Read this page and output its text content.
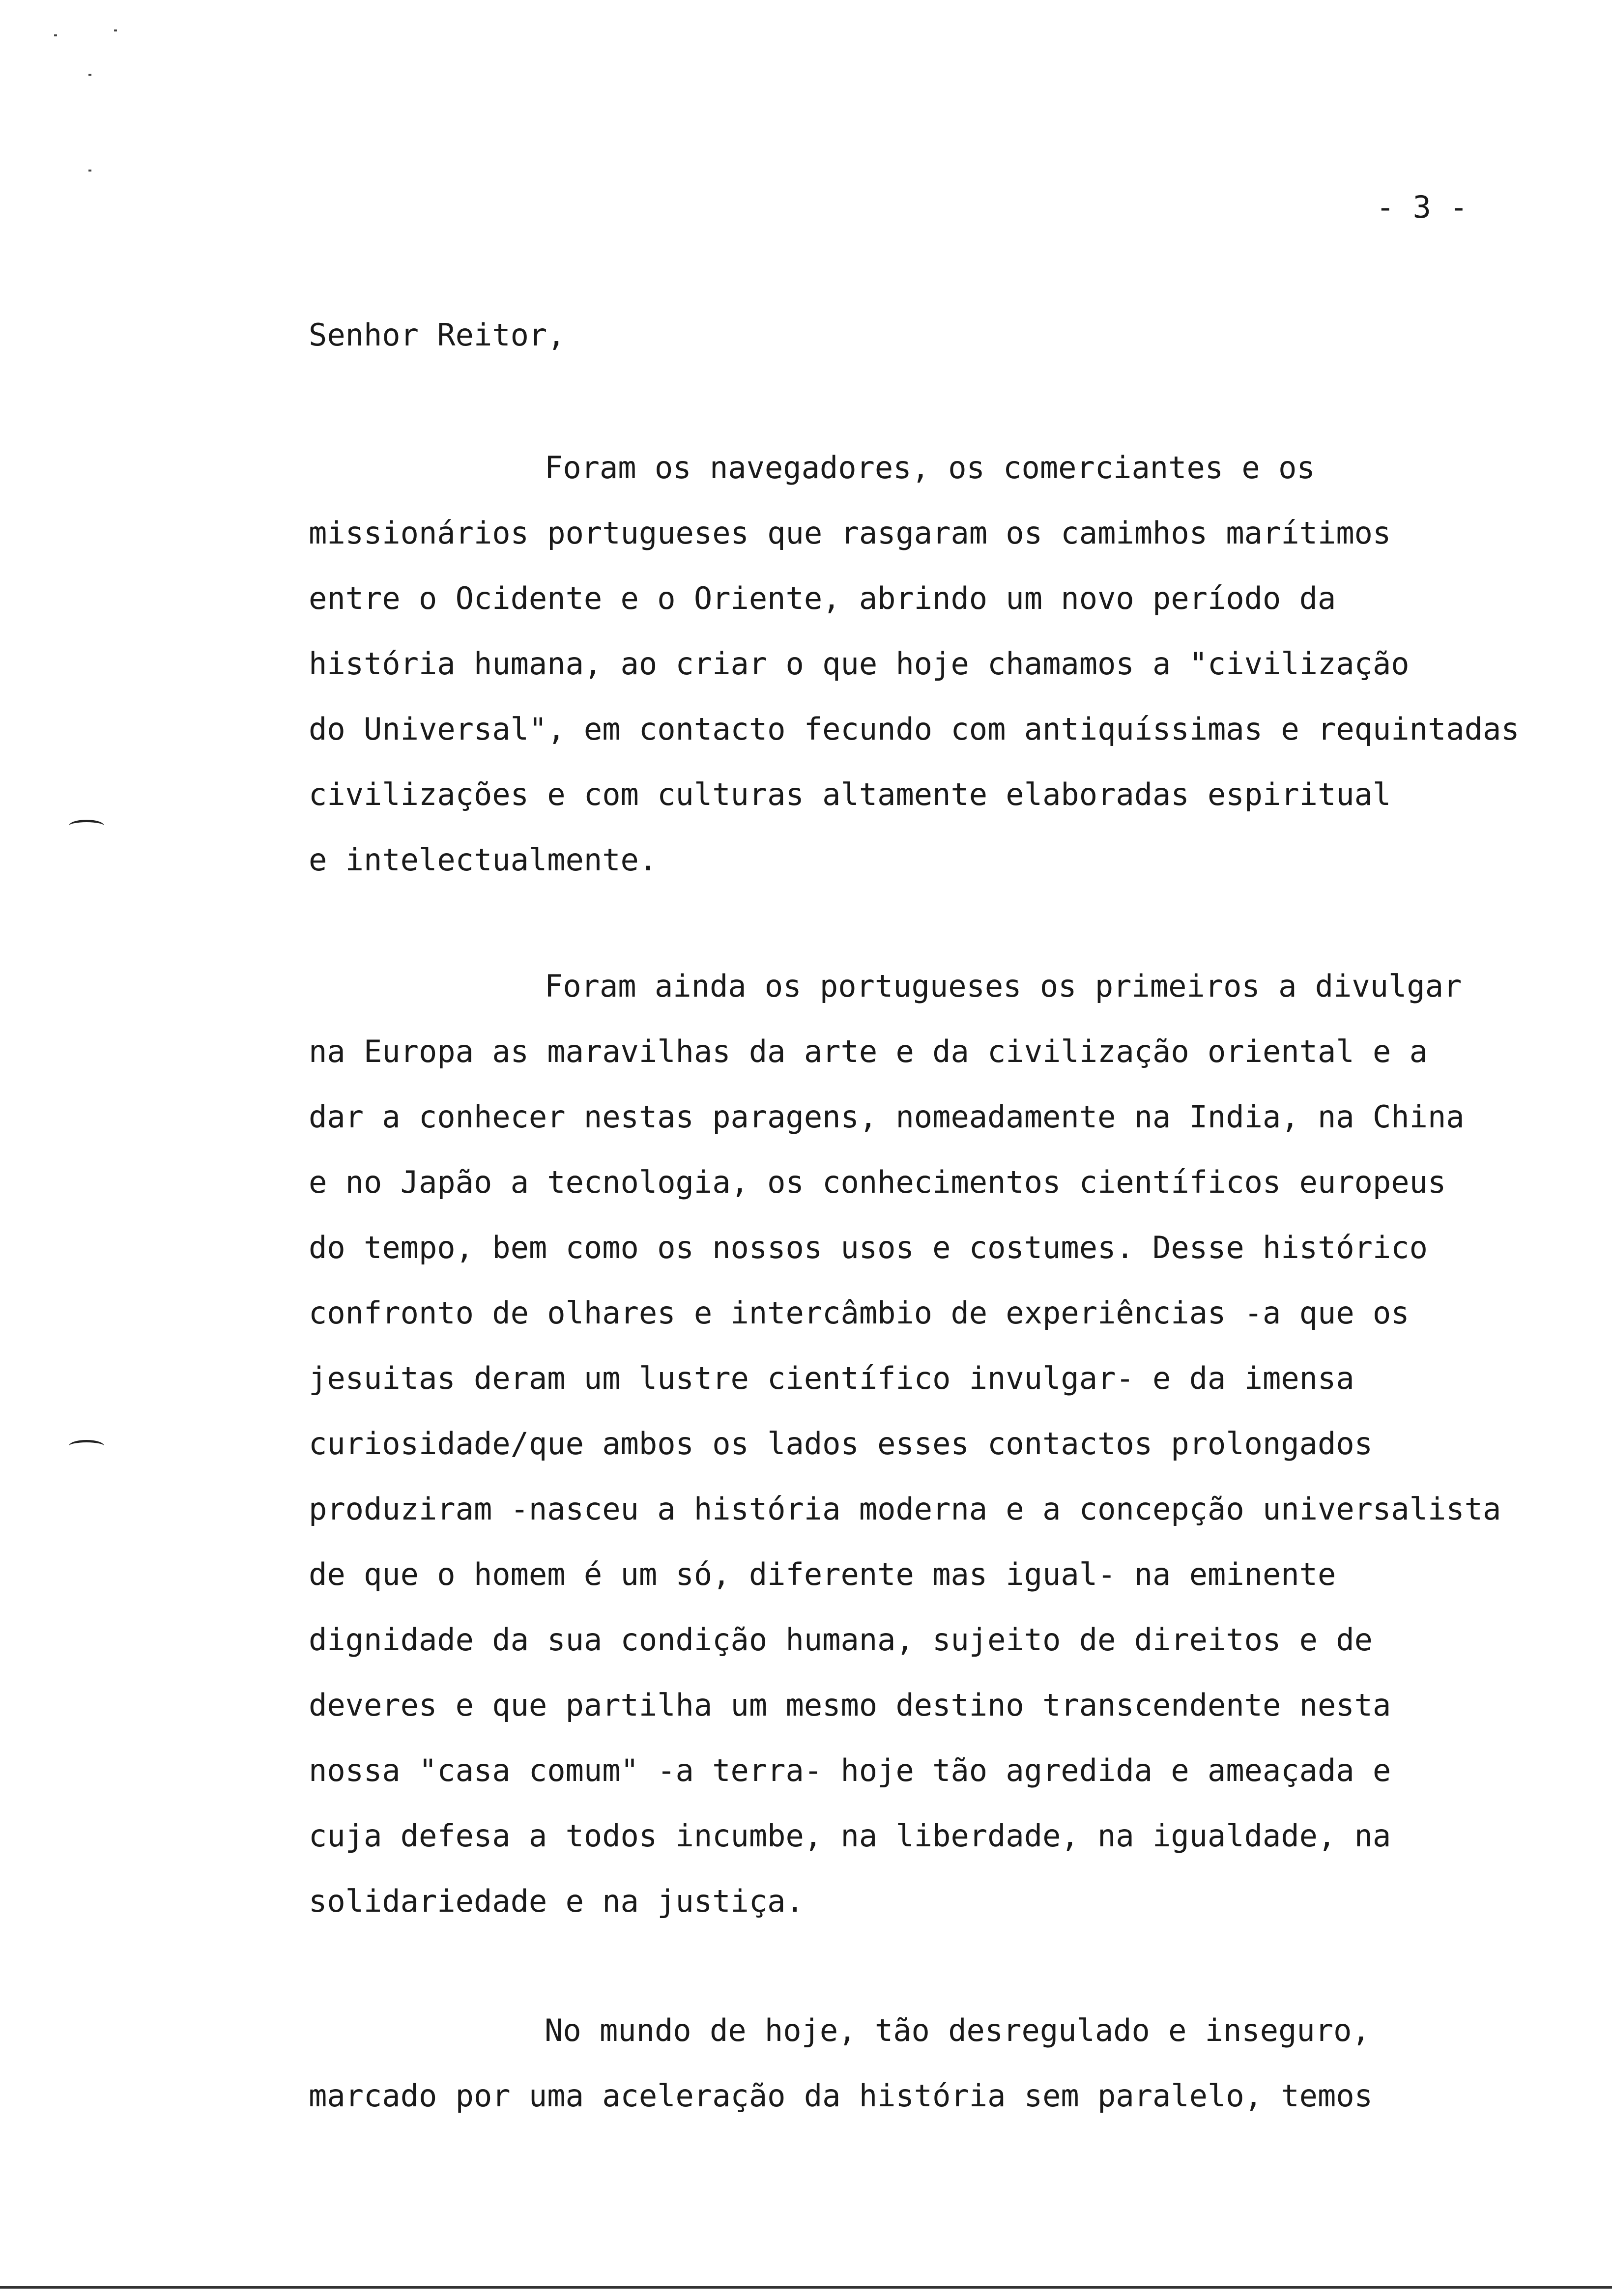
- 3 -
Senhor Reitor,
Foram os navegadores, os comerciantes e os
missionários portugueses que rasgaram os camimhos marítimos
entre o Ocidente e o Oriente, abrindo um novo período da
história humana, ao criar o que hoje chamamos a "civilização
do Universal", em contacto fecundo com antiquíssimas e requintadas
civilizações e com culturas altamente elaboradas espiritual
e intelectualmente.
Foram ainda os portugueses os primeiros a divulgar
na Europa as maravilhas da arte e da civilização oriental e a
dar a conhecer nestas paragens, nomeadamente na India, na China
e no Japão a tecnologia, os conhecimentos científicos europeus
do tempo, bem como os nossos usos e costumes. Desse histórico
confronto de olhares e intercâmbio de experiências -a que os
jesuitas deram um lustre científico invulgar- e da imensa
curiosidade/que ambos os lados esses contactos prolongados
produziram -nasceu a história moderna e a concepção universalista
de que o homem é um só, diferente mas igual- na eminente
dignidade da sua condição humana, sujeito de direitos e de
deveres e que partilha um mesmo destino transcendente nesta
nossa "casa comum" -a terra- hoje tão agredida e ameaçada e
cuja defesa a todos incumbe, na liberdade, na igualdade, na
solidariedade e na justiça.
No mundo de hoje, tão desregulado e inseguro,
marcado por uma aceleração da história sem paralelo, temos
